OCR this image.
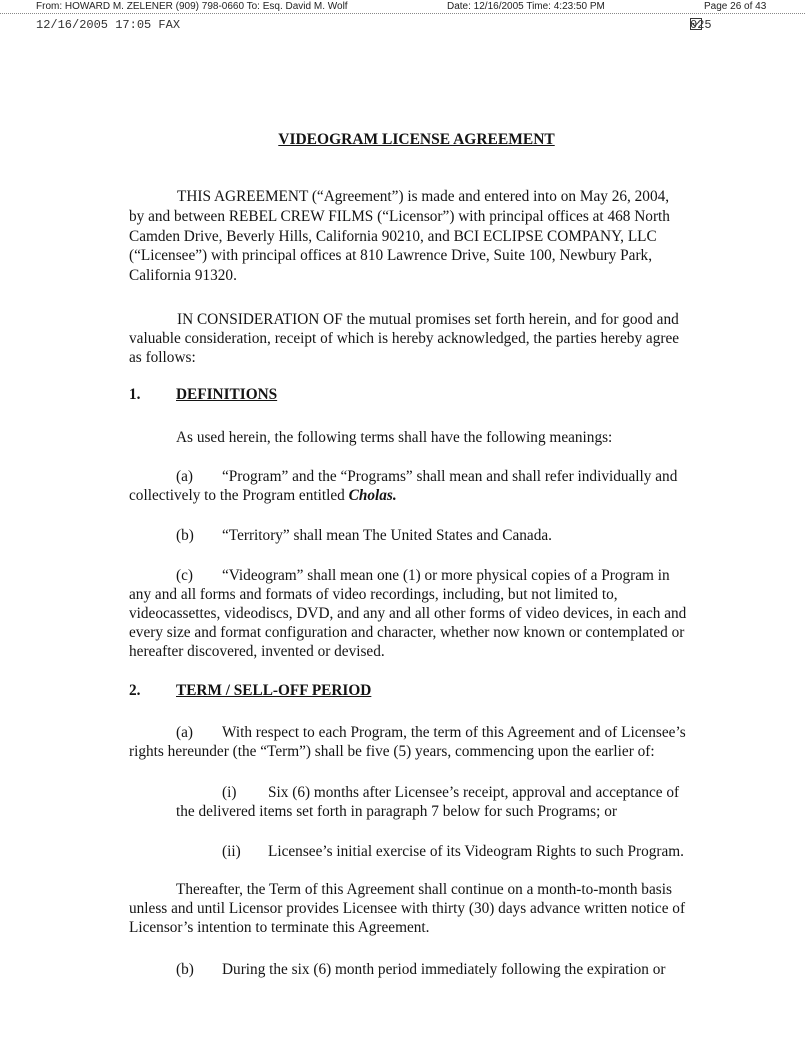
From: HOWARD M. ZELENER (909) 798-0660 To: Esq. David M. Wolf	Date: 12/16/2005 Time: 4:23:50 PM	Page 26 of 43
12/16/2005 17:05 FAX	025
VIDEOGRAM LICENSE AGREEMENT
THIS AGREEMENT (“Agreement”) is made and entered into on May 26, 2004,
by and between REBEL CREW FILMS (“Licensor”) with principal offices at 468 North
Camden Drive, Beverly Hills, California 90210, and BCI ECLIPSE COMPANY, LLC
(“Licensee”) with principal offices at 810 Lawrence Drive, Suite 100, Newbury Park,
California 91320.
IN CONSIDERATION OF the mutual promises set forth herein, and for good and
valuable consideration, receipt of which is hereby acknowledged, the parties hereby agree
as follows:
1. DEFINITIONS
As used herein, the following terms shall have the following meanings:
(a) “Program” and the “Programs” shall mean and shall refer individually and
collectively to the Program entitled Cholas.
(b) “Territory” shall mean The United States and Canada.
(c) “Videogram” shall mean one (1) or more physical copies of a Program in
any and all forms and formats of video recordings, including, but not limited to,
videocassettes, videodiscs, DVD, and any and all other forms of video devices, in each and
every size and format configuration and character, whether now known or contemplated or
hereafter discovered, invented or devised.
2. TERM / SELL-OFF PERIOD
(a) With respect to each Program, the term of this Agreement and of Licensee’s
rights hereunder (the “Term”) shall be five (5) years, commencing upon the earlier of:
(i) Six (6) months after Licensee’s receipt, approval and acceptance of
the delivered items set forth in paragraph 7 below for such Programs; or
(ii) Licensee’s initial exercise of its Videogram Rights to such Program.
Thereafter, the Term of this Agreement shall continue on a month-to-month basis
unless and until Licensor provides Licensee with thirty (30) days advance written notice of
Licensor’s intention to terminate this Agreement.
(b) During the six (6) month period immediately following the expiration or
